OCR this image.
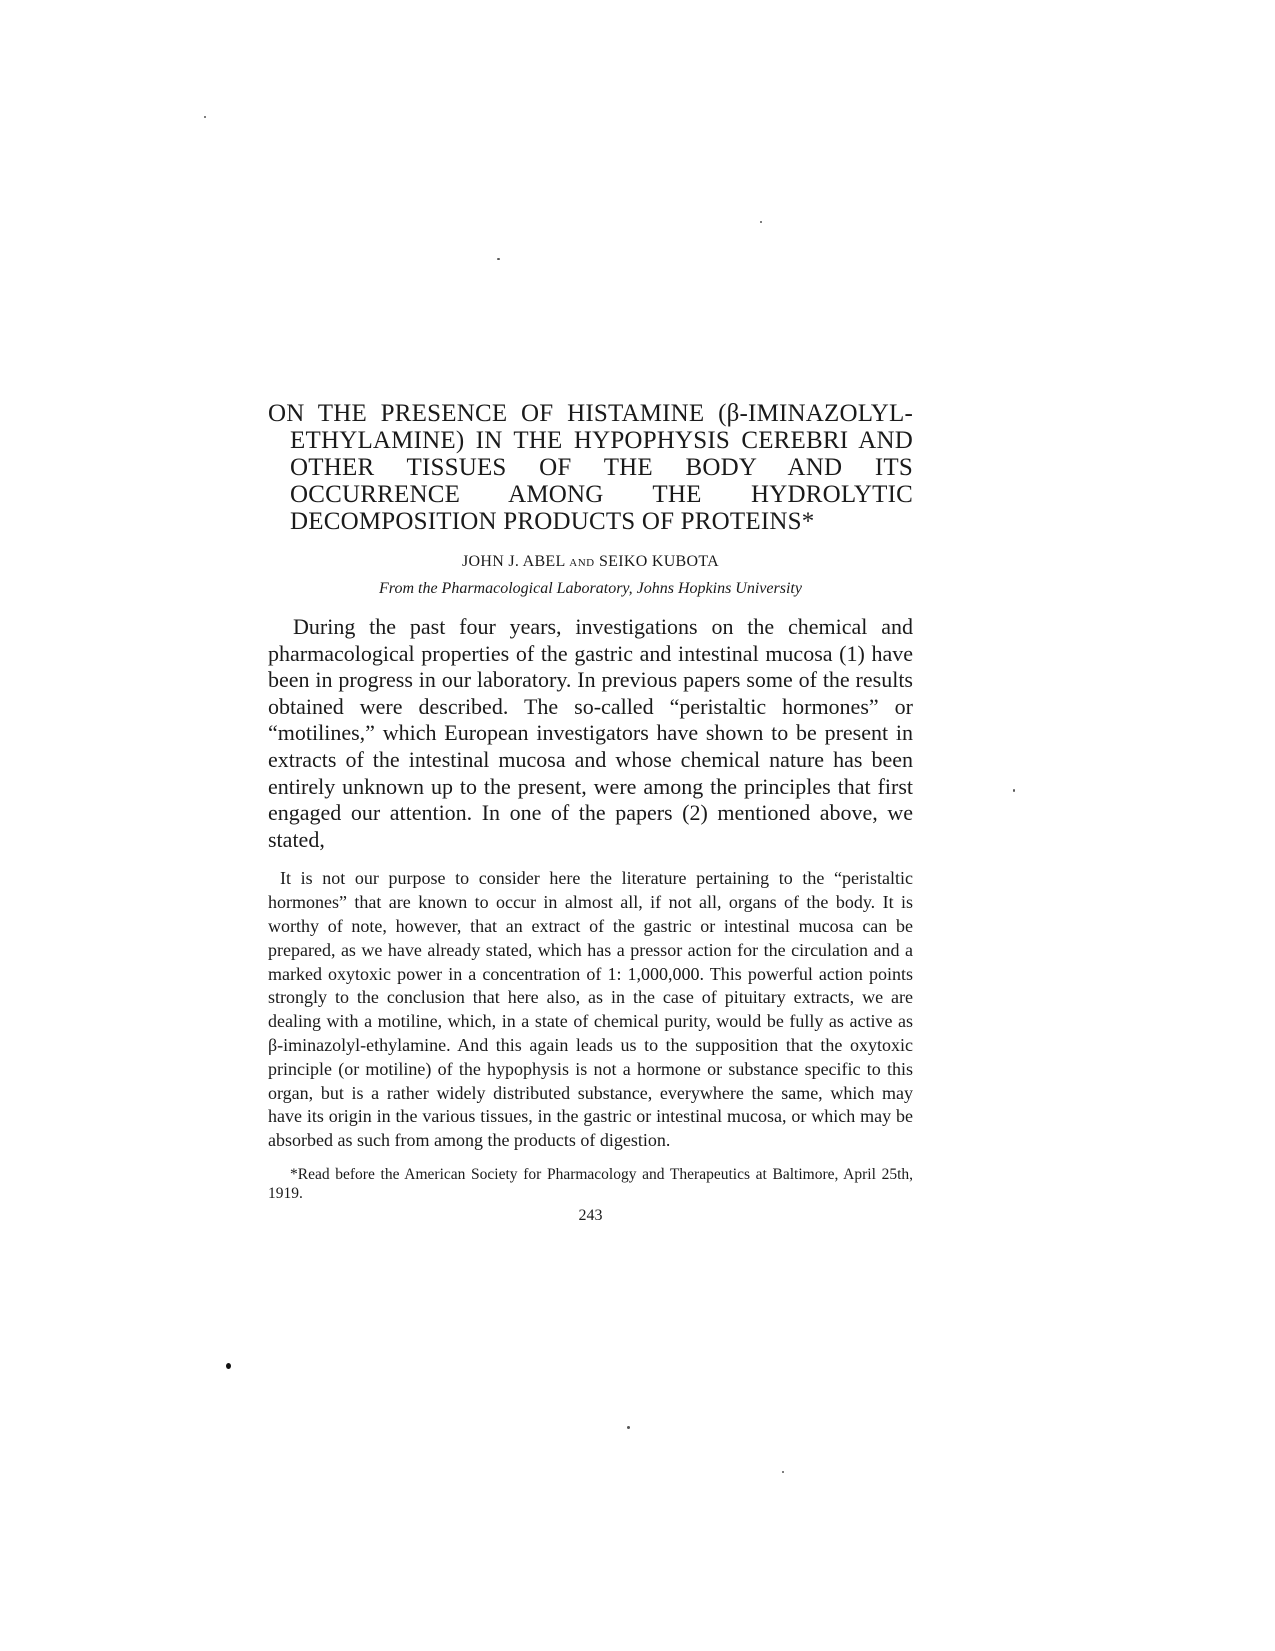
ON THE PRESENCE OF HISTAMINE (β-IMINAZOLYL-ETHYLAMINE) IN THE HYPOPHYSIS CEREBRI AND OTHER TISSUES OF THE BODY AND ITS OCCURRENCE AMONG THE HYDROLYTIC DECOMPOSITION PRODUCTS OF PROTEINS*
JOHN J. ABEL AND SEIKO KUBOTA
From the Pharmacological Laboratory, Johns Hopkins University

During the past four years, investigations on the chemical and pharmacological properties of the gastric and intestinal mucosa (1) have been in progress in our laboratory. In previous papers some of the results obtained were described. The so-called “peristaltic hormones” or “motilines,” which European investigators have shown to be present in extracts of the intestinal mucosa and whose chemical nature has been entirely unknown up to the present, were among the principles that first engaged our attention. In one of the papers (2) mentioned above, we stated,

It is not our purpose to consider here the literature pertaining to the “peristaltic hormones” that are known to occur in almost all, if not all, organs of the body. It is worthy of note, however, that an extract of the gastric or intestinal mucosa can be prepared, as we have already stated, which has a pressor action for the circulation and a marked oxytoxic power in a concentration of 1: 1,000,000. This powerful action points strongly to the conclusion that here also, as in the case of pituitary extracts, we are dealing with a motiline, which, in a state of chemical purity, would be fully as active as β-iminazolyl-ethylamine. And this again leads us to the supposition that the oxytoxic principle (or motiline) of the hypophysis is not a hormone or substance specific to this organ, but is a rather widely distributed substance, everywhere the same, which may have its origin in the various tissues, in the gastric or intestinal mucosa, or which may be absorbed as such from among the products of digestion.

*Read before the American Society for Pharmacology and Therapeutics at Baltimore, April 25th, 1919.

243
